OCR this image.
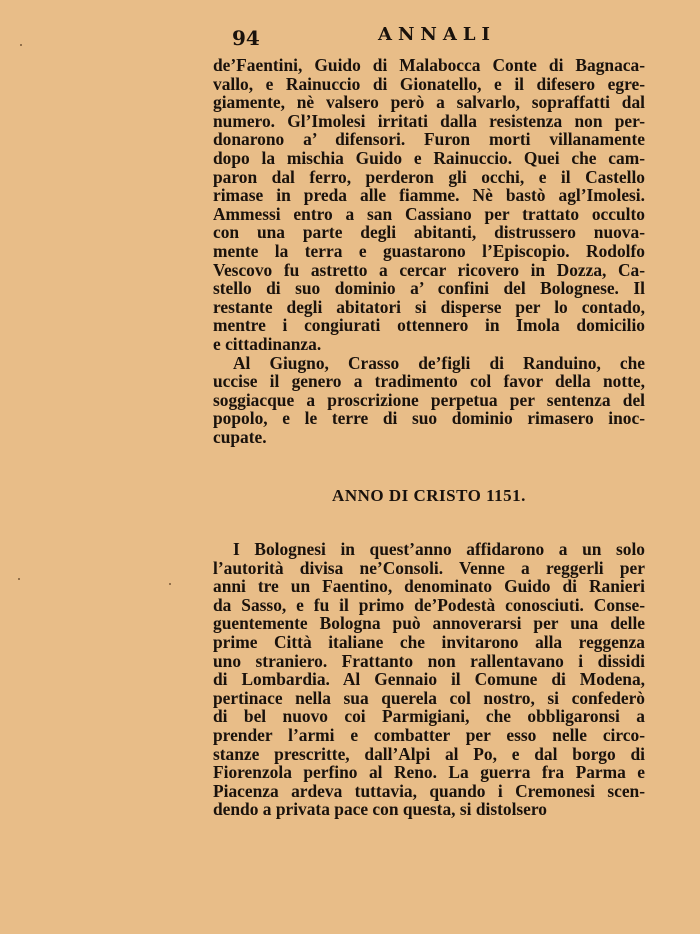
94	ANNALI
de’Faentini, Guido di Malabocca Conte di Bagnaca-
vallo, e Rainuccio di Gionatello, e il difesero egre-
giamente, nè valsero però a salvarlo, sopraffatti dal
numero. Gl’Imolesi irritati dalla resistenza non per-
donarono a’ difensori. Furon morti villanamente
dopo la mischia Guido e Rainuccio. Quei che cam-
paron dal ferro, perderon gli occhi, e il Castello
rimase in preda alle fiamme. Nè bastò agl’Imolesi.
Ammessi entro a san Cassiano per trattato occulto
con una parte degli abitanti, distrussero nuova-
mente la terra e guastarono l’Episcopio. Rodolfo
Vescovo fu astretto a cercar ricovero in Dozza, Ca-
stello di suo dominio a’ confini del Bolognese. Il
restante degli abitatori si disperse per lo contado,
mentre i congiurati ottennero in Imola domicilio
e cittadinanza.
Al Giugno, Crasso de’figli di Randuino, che
uccise il genero a tradimento col favor della notte,
soggiacque a proscrizione perpetua per sentenza del
popolo, e le terre di suo dominio rimasero inoc-
cupate.
ANNO DI CRISTO 1151.
I Bolognesi in quest’anno affidarono a un solo
l’autorità divisa ne’Consoli. Venne a reggerli per
anni tre un Faentino, denominato Guido di Ranieri
da Sasso, e fu il primo de’Podestà conosciuti. Conse-
guentemente Bologna può annoverarsi per una delle
prime Città italiane che invitarono alla reggenza
uno straniero. Frattanto non rallentavano i dissidi
di Lombardia. Al Gennaio il Comune di Modena,
pertinace nella sua querela col nostro, si confederò
di bel nuovo coi Parmigiani, che obbligaronsi a
prender l’armi e combatter per esso nelle circo-
stanze prescritte, dall’Alpi al Po, e dal borgo di
Fiorenzola perfino al Reno. La guerra fra Parma e
Piacenza ardeva tuttavia, quando i Cremonesi scen-
dendo a privata pace con questa, si distolsero
